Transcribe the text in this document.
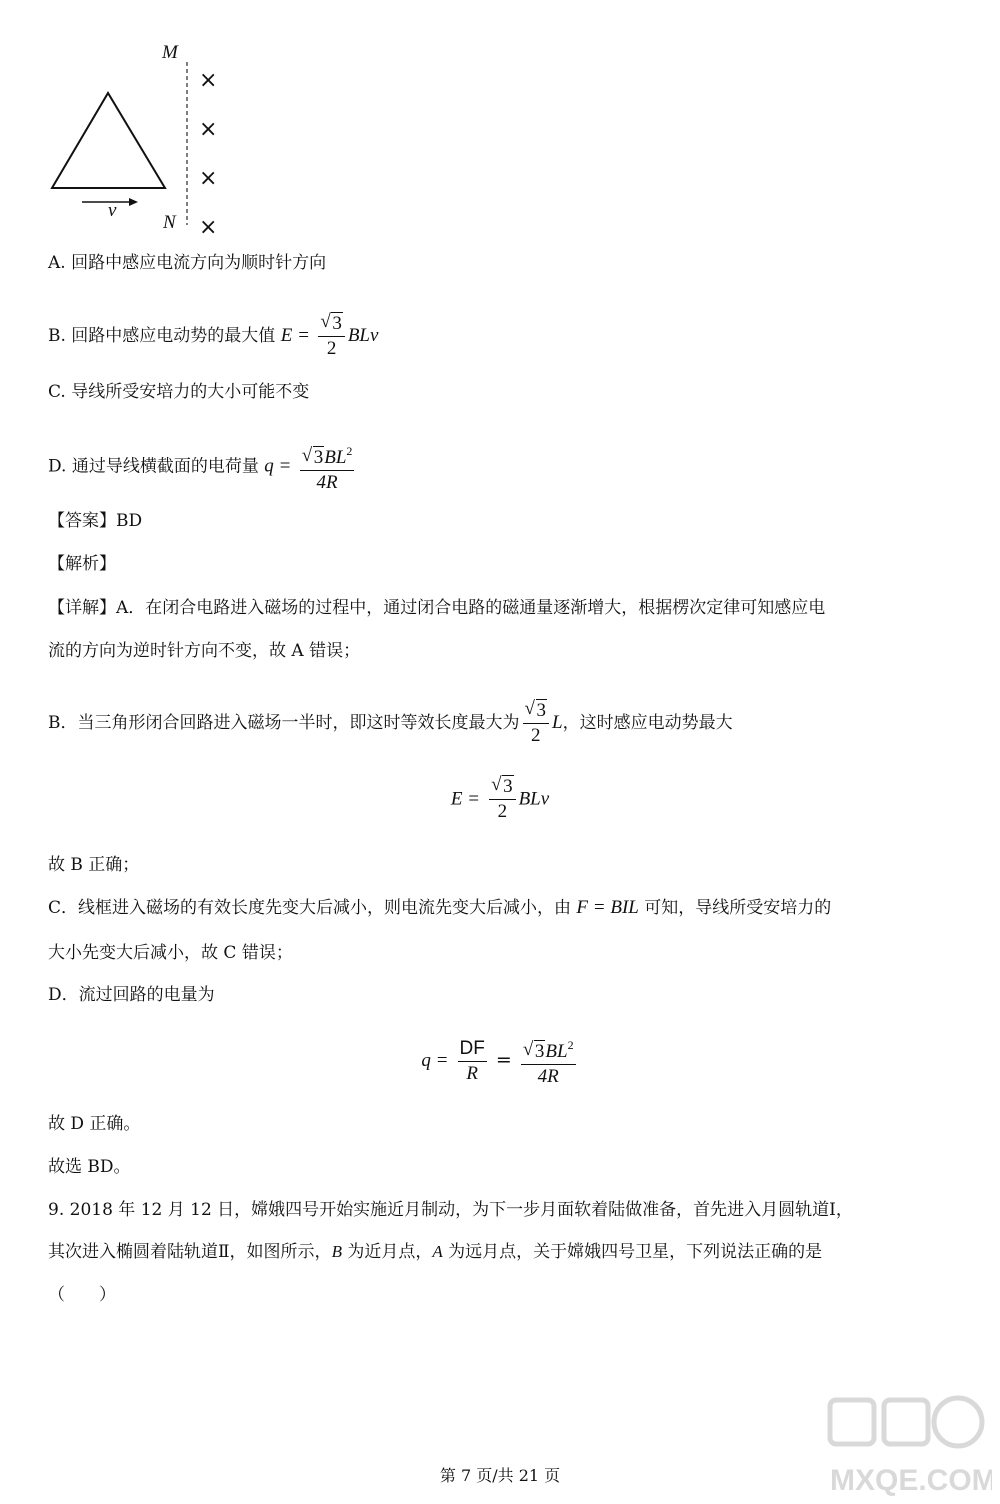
M
N
v
×
×
×
×
A. 回路中感应电流方向为顺时针方向
B. 回路中感应电动势的最大值 E = √ $\frac{3}{2}$ BLv
C. 导线所受安培力的大小可能不变
D. 通过导线横截面的电荷量 q = √ $\frac{3BL^2}{4R}$
【答案】BD
【解析】
【详解】A．在闭合电路进入磁场的过程中，通过闭合电路的磁通量逐渐增大，根据楞次定律可知感应电
流的方向为逆时针方向不变，故 A 错误；
B．当三角形闭合回路进入磁场一半时，即这时等效长度最大为 √ $\frac{3}{2}$ L，这时感应电动势最大
E = √ $\frac{3}{2}$ BLv
故 B 正确；
C．线框进入磁场的有效长度先变大后减小，则电流先变大后减小，由 F = BIL 可知，导线所受安培力的
大小先变大后减小，故 C 错误；
D．流过回路的电量为
$q = \frac{DF}{R}$ = √ $\frac{3BL^2}{4R}$
故 D 正确。
故选 BD。
9. 2018 年 12 月 12 日，嫦娥四号开始实施近月制动，为下一步月面软着陆做准备，首先进入月圆轨道Ⅰ，
其次进入椭圆着陆轨道Ⅱ，如图所示，B 为近月点，A 为远月点，关于嫦娥四号卫星，下列说法正确的是
（　　）
MXQE.COM
第 7 页/共 21 页
